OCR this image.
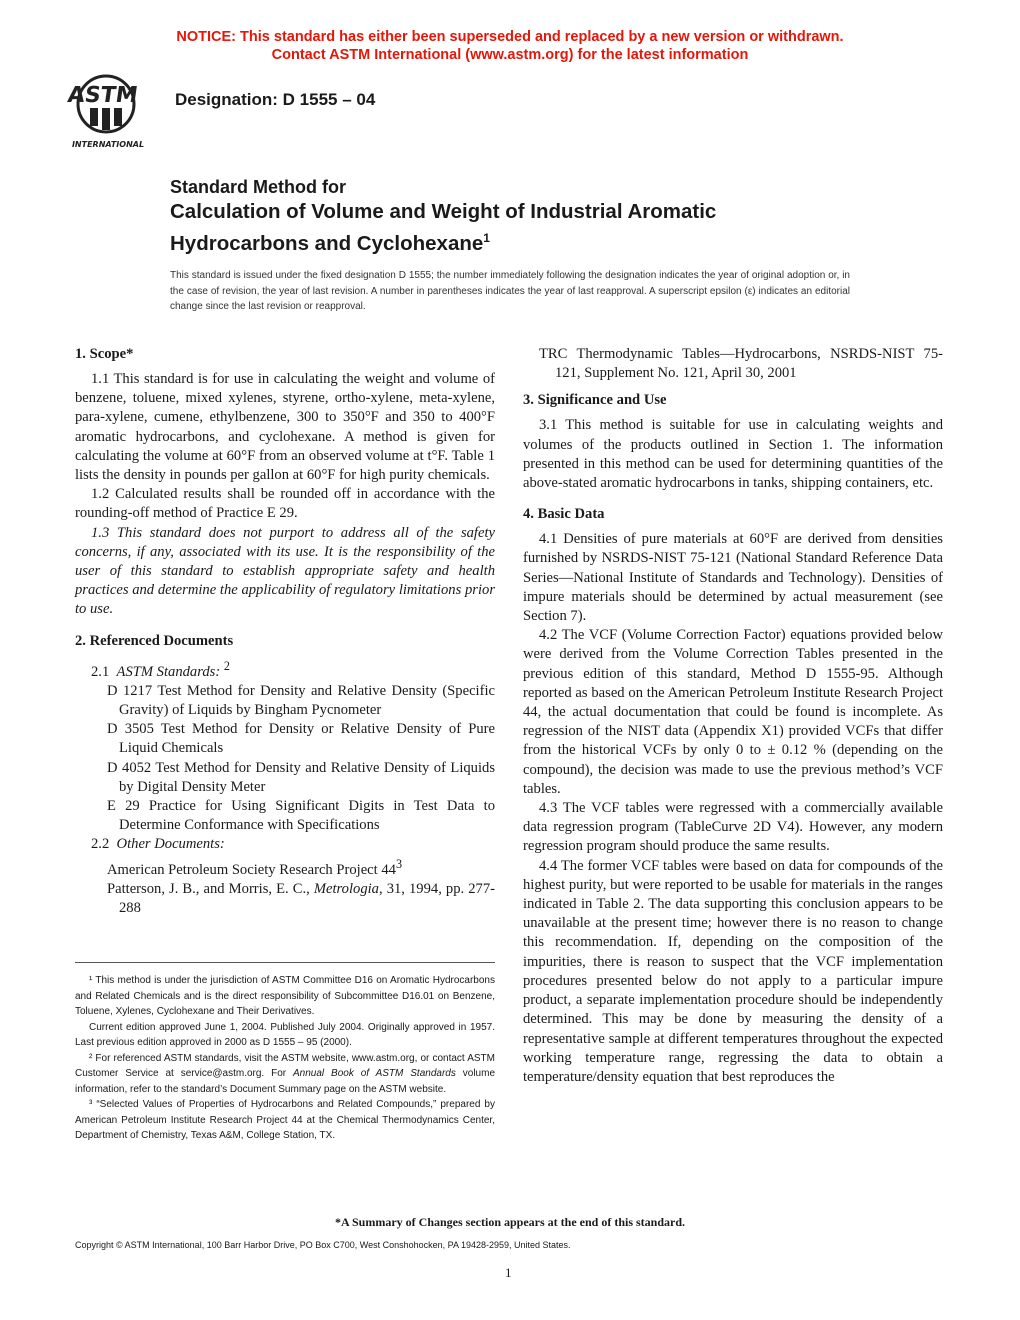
NOTICE: This standard has either been superseded and replaced by a new version or withdrawn.
Contact ASTM International (www.astm.org) for the latest information
ASTM
INTERNATIONAL
Designation: D 1555 – 04
Standard Method for
Calculation of Volume and Weight of Industrial Aromatic
Hydrocarbons and Cyclohexane$^1$
This standard is issued under the fixed designation D 1555; the number immediately following the designation indicates the year of original adoption or, in the case of revision, the year of last revision. A number in parentheses indicates the year of last reapproval. A superscript epsilon (ε) indicates an editorial change since the last revision or reapproval.
1. Scope*

1.1 This standard is for use in calculating the weight and volume of benzene, toluene, mixed xylenes, styrene, ortho-xylene, meta-xylene, para-xylene, cumene, ethylbenzene, 300 to 350°F and 350 to 400°F aromatic hydrocarbons, and cyclohexane. A method is given for calculating the volume at 60°F from an observed volume at t°F. Table 1 lists the density in pounds per gallon at 60°F for high purity chemicals.

1.2 Calculated results shall be rounded off in accordance with the rounding-off method of Practice E 29.

1.3 This standard does not purport to address all of the safety concerns, if any, associated with its use. It is the responsibility of the user of this standard to establish appropriate safety and health practices and determine the applicability of regulatory limitations prior to use.

2. Referenced Documents

2.1 ASTM Standards: $^2$

D 1217 Test Method for Density and Relative Density (Specific Gravity) of Liquids by Bingham Pycnometer

D 3505 Test Method for Density or Relative Density of Pure Liquid Chemicals

D 4052 Test Method for Density and Relative Density of Liquids by Digital Density Meter

E 29 Practice for Using Significant Digits in Test Data to Determine Conformance with Specifications

2.2 Other Documents:

American Petroleum Society Research Project $44^3$

Patterson, J. B., and Morris, E. C., Metrologia, 31, 1994, pp. 277-288

¹ This method is under the jurisdiction of ASTM Committee D16 on Aromatic Hydrocarbons and Related Chemicals and is the direct responsibility of Subcommittee D16.01 on Benzene, Toluene, Xylenes, Cyclohexane and Their Derivatives.

Current edition approved June 1, 2004. Published July 2004. Originally approved in 1957. Last previous edition approved in 2000 as D 1555 – 95 (2000).

² For referenced ASTM standards, visit the ASTM website, www.astm.org, or contact ASTM Customer Service at service@astm.org. For Annual Book of ASTM Standards volume information, refer to the standard’s Document Summary page on the ASTM website.

³ “Selected Values of Properties of Hydrocarbons and Related Compounds,” prepared by American Petroleum Institute Research Project 44 at the Chemical Thermodynamics Center, Department of Chemistry, Texas A&M, College Station, TX.

TRC Thermodynamic Tables—Hydrocarbons, NSRDS-NIST 75-121, Supplement No. 121, April 30, 2001

3. Significance and Use

3.1 This method is suitable for use in calculating weights and volumes of the products outlined in Section 1. The information presented in this method can be used for determining quantities of the above-stated aromatic hydrocarbons in tanks, shipping containers, etc.

4. Basic Data

4.1 Densities of pure materials at 60°F are derived from densities furnished by NSRDS-NIST 75-121 (National Standard Reference Data Series—National Institute of Standards and Technology). Densities of impure materials should be determined by actual measurement (see Section 7).

4.2 The VCF (Volume Correction Factor) equations provided below were derived from the Volume Correction Tables presented in the previous edition of this standard, Method D 1555-95. Although reported as based on the American Petroleum Institute Research Project 44, the actual documentation that could be found is incomplete. As regression of the NIST data (Appendix X1) provided VCFs that differ from the historical VCFs by only 0 to ± 0.12 % (depending on the compound), the decision was made to use the previous method’s VCF tables.

4.3 The VCF tables were regressed with a commercially available data regression program (TableCurve 2D V4). However, any modern regression program should produce the same results.

4.4 The former VCF tables were based on data for compounds of the highest purity, but were reported to be usable for materials in the ranges indicated in Table 2. The data supporting this conclusion appears to be unavailable at the present time; however there is no reason to change this recommendation. If, depending on the composition of the impurities, there is reason to suspect that the VCF implementation procedures presented below do not apply to a particular impure product, a separate implementation procedure should be independently determined. This may be done by measuring the density of a representative sample at different temperatures throughout the expected working temperature range, regressing the data to obtain a temperature/density equation that best reproduces the

*A Summary of Changes section appears at the end of this standard.
Copyright © ASTM International, 100 Barr Harbor Drive, PO Box C700, West Conshohocken, PA 19428-2959, United States.
1
